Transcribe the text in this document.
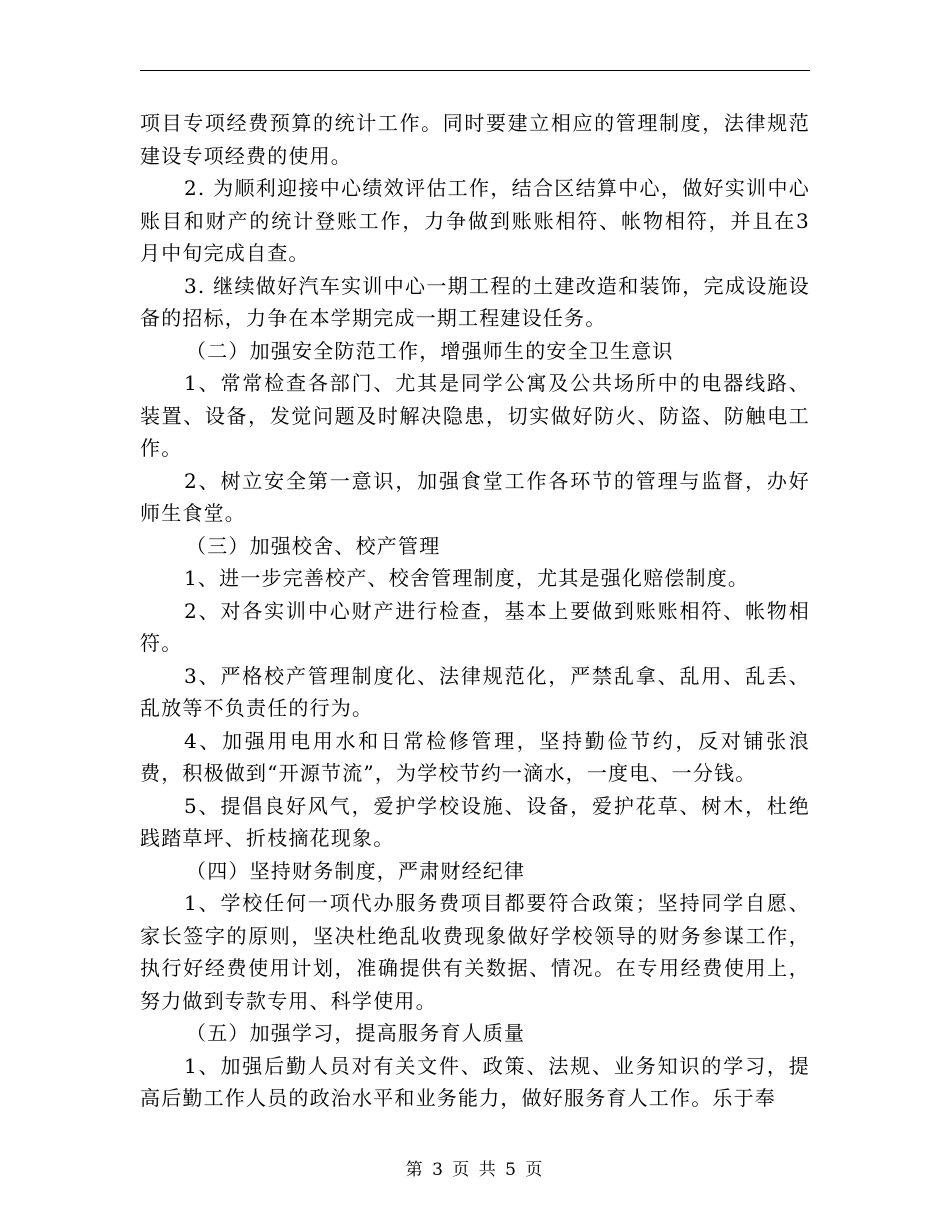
项目专项经费预算的统计工作。同时要建立相应的管理制度，法律规范建设专项经费的使用。

2. 为顺利迎接中心绩效评估工作，结合区结算中心，做好实训中心账目和财产的统计登账工作，力争做到账账相符、帐物相符，并且在3月中旬完成自查。

3. 继续做好汽车实训中心一期工程的土建改造和装饰，完成设施设备的招标，力争在本学期完成一期工程建设任务。

（二）加强安全防范工作，增强师生的安全卫生意识

1、常常检查各部门、尤其是同学公寓及公共场所中的电器线路、装置、设备，发觉问题及时解决隐患，切实做好防火、防盗、防触电工作。

2、树立安全第一意识，加强食堂工作各环节的管理与监督，办好师生食堂。

（三）加强校舍、校产管理

1、进一步完善校产、校舍管理制度，尤其是强化赔偿制度。

2、对各实训中心财产进行检查，基本上要做到账账相符、帐物相符。

3、严格校产管理制度化、法律规范化，严禁乱拿、乱用、乱丢、乱放等不负责任的行为。

4、加强用电用水和日常检修管理，坚持勤俭节约，反对铺张浪费，积极做到“开源节流”，为学校节约一滴水，一度电、一分钱。

5、提倡良好风气，爱护学校设施、设备，爱护花草、树木，杜绝践踏草坪、折枝摘花现象。

（四）坚持财务制度，严肃财经纪律

1、学校任何一项代办服务费项目都要符合政策；坚持同学自愿、家长签字的原则，坚决杜绝乱收费现象做好学校领导的财务参谋工作，执行好经费使用计划，准确提供有关数据、情况。在专用经费使用上，努力做到专款专用、科学使用。

（五）加强学习，提高服务育人质量

1、加强后勤人员对有关文件、政策、法规、业务知识的学习，提高后勤工作人员的政治水平和业务能力，做好服务育人工作。乐于奉

第 3 页 共 5 页
